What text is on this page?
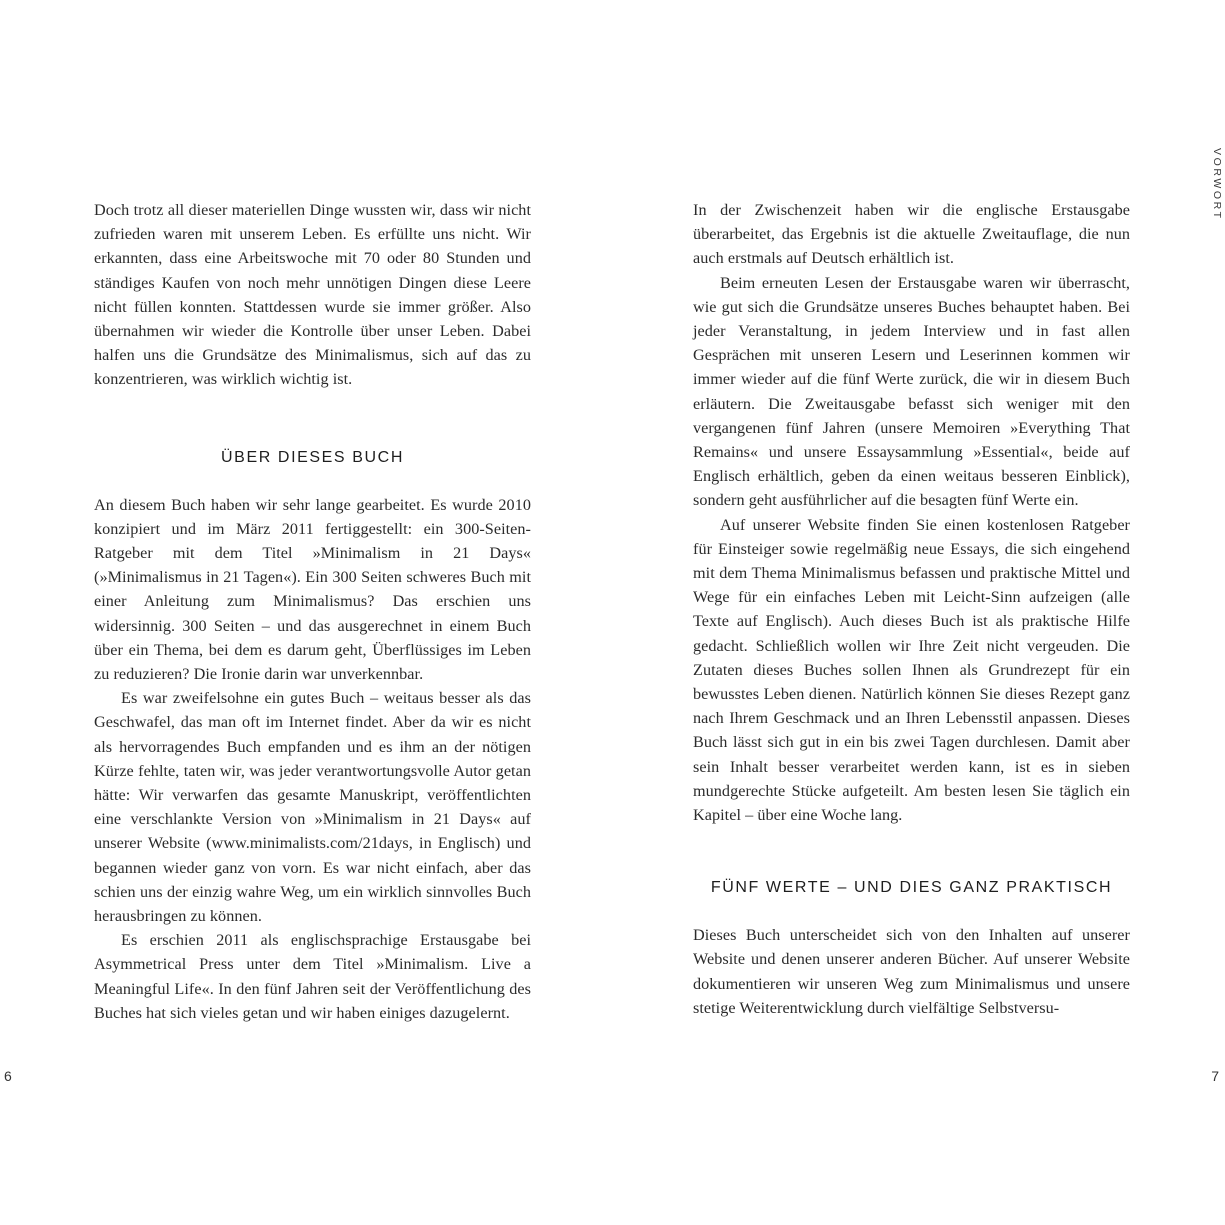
Doch trotz all dieser materiellen Dinge wussten wir, dass wir nicht zufrieden waren mit unserem Leben. Es erfüllte uns nicht. Wir erkannten, dass eine Arbeitswoche mit 70 oder 80 Stunden und ständiges Kaufen von noch mehr unnötigen Dingen diese Leere nicht füllen konnten. Stattdessen wurde sie immer größer. Also übernahmen wir wieder die Kontrolle über unser Leben. Dabei halfen uns die Grundsätze des Minimalismus, sich auf das zu konzentrieren, was wirklich wichtig ist.

ÜBER DIESES BUCH

An diesem Buch haben wir sehr lange gearbeitet. Es wurde 2010 konzipiert und im März 2011 fertiggestellt: ein 300-Seiten-Ratgeber mit dem Titel »Minimalism in 21 Days« (»Minimalismus in 21 Tagen«). Ein 300 Seiten schweres Buch mit einer Anleitung zum Minimalismus? Das erschien uns widersinnig. 300 Seiten – und das ausgerechnet in einem Buch über ein Thema, bei dem es darum geht, Überflüssiges im Leben zu reduzieren? Die Ironie darin war unverkennbar.

Es war zweifelsohne ein gutes Buch – weitaus besser als das Geschwafel, das man oft im Internet findet. Aber da wir es nicht als hervorragendes Buch empfanden und es ihm an der nötigen Kürze fehlte, taten wir, was jeder verantwortungsvolle Autor getan hätte: Wir verwarfen das gesamte Manuskript, veröffentlichten eine verschlankte Version von »Minimalism in 21 Days« auf unserer Website (www.minimalists.com/21days, in Englisch) und begannen wieder ganz von vorn. Es war nicht einfach, aber das schien uns der einzig wahre Weg, um ein wirklich sinnvolles Buch herausbringen zu können.

Es erschien 2011 als englischsprachige Erstausgabe bei Asymmetrical Press unter dem Titel »Minimalism. Live a Meaningful Life«. In den fünf Jahren seit der Veröffentlichung des Buches hat sich vieles getan und wir haben einiges dazugelernt.

6

In der Zwischenzeit haben wir die englische Erstausgabe überarbeitet, das Ergebnis ist die aktuelle Zweitauflage, die nun auch erstmals auf Deutsch erhältlich ist.

Beim erneuten Lesen der Erstausgabe waren wir überrascht, wie gut sich die Grundsätze unseres Buches behauptet haben. Bei jeder Veranstaltung, in jedem Interview und in fast allen Gesprächen mit unseren Lesern und Leserinnen kommen wir immer wieder auf die fünf Werte zurück, die wir in diesem Buch erläutern. Die Zweitausgabe befasst sich weniger mit den vergangenen fünf Jahren (unsere Memoiren »Everything That Remains« und unsere Essaysammlung »Essential«, beide auf Englisch erhältlich, geben da einen weitaus besseren Einblick), sondern geht ausführlicher auf die besagten fünf Werte ein.

Auf unserer Website finden Sie einen kostenlosen Ratgeber für Einsteiger sowie regelmäßig neue Essays, die sich eingehend mit dem Thema Minimalismus befassen und praktische Mittel und Wege für ein einfaches Leben mit Leicht-Sinn aufzeigen (alle Texte auf Englisch). Auch dieses Buch ist als praktische Hilfe gedacht. Schließlich wollen wir Ihre Zeit nicht vergeuden. Die Zutaten dieses Buches sollen Ihnen als Grundrezept für ein bewusstes Leben dienen. Natürlich können Sie dieses Rezept ganz nach Ihrem Geschmack und an Ihren Lebensstil anpassen. Dieses Buch lässt sich gut in ein bis zwei Tagen durchlesen. Damit aber sein Inhalt besser verarbeitet werden kann, ist es in sieben mundgerechte Stücke aufgeteilt. Am besten lesen Sie täglich ein Kapitel – über eine Woche lang.

FÜNF WERTE – UND DIES GANZ PRAKTISCH

Dieses Buch unterscheidet sich von den Inhalten auf unserer Website und denen unserer anderen Bücher. Auf unserer Website dokumentieren wir unseren Weg zum Minimalismus und unsere stetige Weiterentwicklung durch vielfältige Selbstversu-

VORWORT
7
